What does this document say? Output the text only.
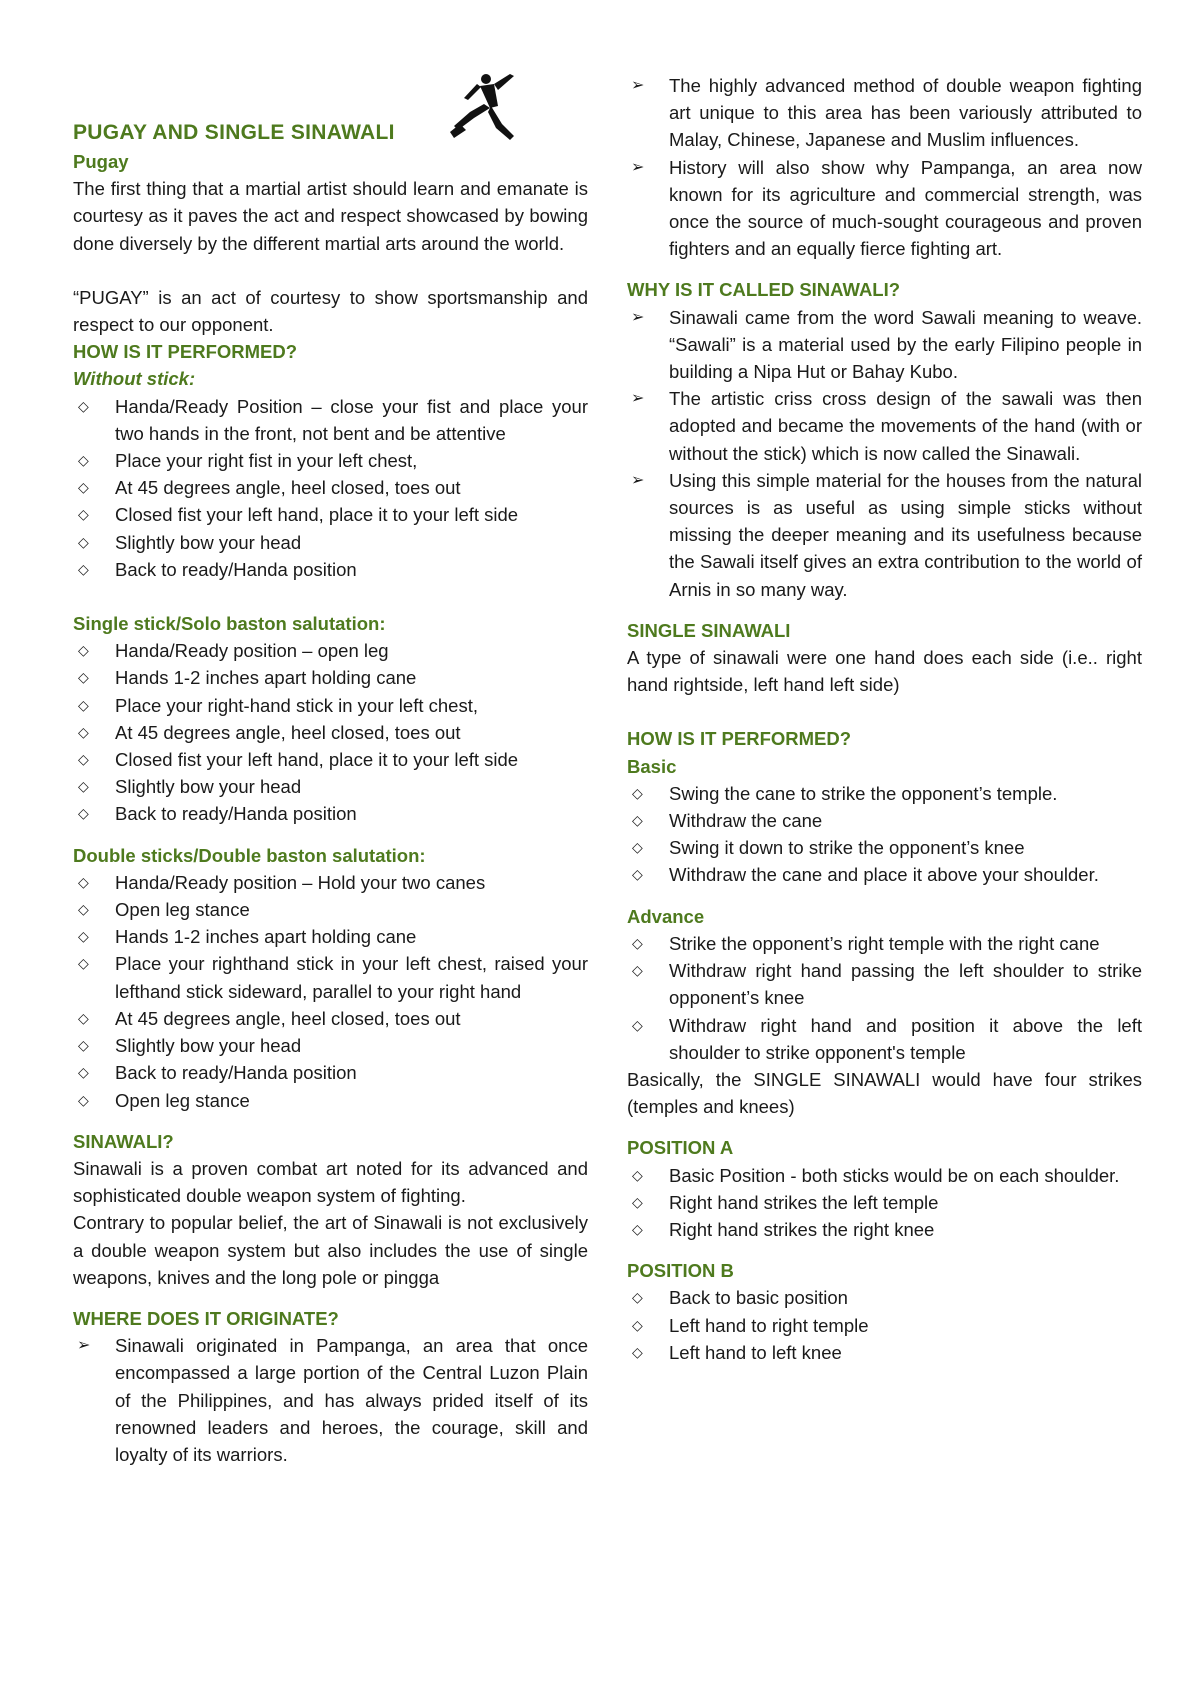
PUGAY AND SINGLE SINAWALI
Pugay

The first thing that a martial artist should learn and emanate is courtesy as it paves the act and respect showcased by bowing done diversely by the different martial arts around the world.

“PUGAY” is an act of courtesy to show sportsmanship and respect to our opponent.

HOW IS IT PERFORMED?
Without stick:
◇ Handa/Ready Position – close your fist and place your two hands in the front, not bent and be attentive
◇ Place your right fist in your left chest,
◇ At 45 degrees angle, heel closed, toes out
◇ Closed fist your left hand, place it to your left side
◇ Slightly bow your head
◇ Back to ready/Handa position
Single stick/Solo baston salutation:
◇ Handa/Ready position – open leg
◇ Hands 1-2 inches apart holding cane
◇ Place your right-hand stick in your left chest,
◇ At 45 degrees angle, heel closed, toes out
◇ Closed fist your left hand, place it to your left side
◇ Slightly bow your head
◇ Back to ready/Handa position
Double sticks/Double baston salutation:
◇ Handa/Ready position – Hold your two canes
◇ Open leg stance
◇ Hands 1-2 inches apart holding cane
◇ Place your righthand stick in your left chest, raised your lefthand stick sideward, parallel to your right hand
◇ At 45 degrees angle, heel closed, toes out
◇ Slightly bow your head
◇ Back to ready/Handa position
◇ Open leg stance
SINAWALI?

Sinawali is a proven combat art noted for its advanced and sophisticated double weapon system of fighting.

Contrary to popular belief, the art of Sinawali is not exclusively a double weapon system but also includes the use of single weapons, knives and the long pole or pingga

WHERE DOES IT ORIGINATE?
➢ Sinawali originated in Pampanga, an area that once encompassed a large portion of the Central Luzon Plain of the Philippines, and has always prided itself of its renowned leaders and heroes, the courage, skill and loyalty of its warriors.
➢ The highly advanced method of double weapon fighting art unique to this area has been variously attributed to Malay, Chinese, Japanese and Muslim influences.
➢ History will also show why Pampanga, an area now known for its agriculture and commercial strength, was once the source of much-sought courageous and proven fighters and an equally fierce fighting art.
WHY IS IT CALLED SINAWALI?
➢ Sinawali came from the word Sawali meaning to weave. “Sawali” is a material used by the early Filipino people in building a Nipa Hut or Bahay Kubo.
➢ The artistic criss cross design of the sawali was then adopted and became the movements of the hand (with or without the stick) which is now called the Sinawali.
➢ Using this simple material for the houses from the natural sources is as useful as using simple sticks without missing the deeper meaning and its usefulness because the Sawali itself gives an extra contribution to the world of Arnis in so many way.
SINGLE SINAWALI

A type of sinawali were one hand does each side (i.e.. right hand rightside, left hand left side)

HOW IS IT PERFORMED?
Basic
◇ Swing the cane to strike the opponent’s temple.
◇ Withdraw the cane
◇ Swing it down to strike the opponent’s knee
◇ Withdraw the cane and place it above your shoulder.
Advance
◇ Strike the opponent’s right temple with the right cane
◇ Withdraw right hand passing the left shoulder to strike opponent’s knee
◇ Withdraw right hand and position it above the left shoulder to strike opponent's temple

Basically, the SINGLE SINAWALI would have four strikes (temples and knees)

POSITION A
◇ Basic Position - both sticks would be on each shoulder.
◇ Right hand strikes the left temple
◇ Right hand strikes the right knee
POSITION B
◇ Back to basic position
◇ Left hand to right temple
◇ Left hand to left knee
